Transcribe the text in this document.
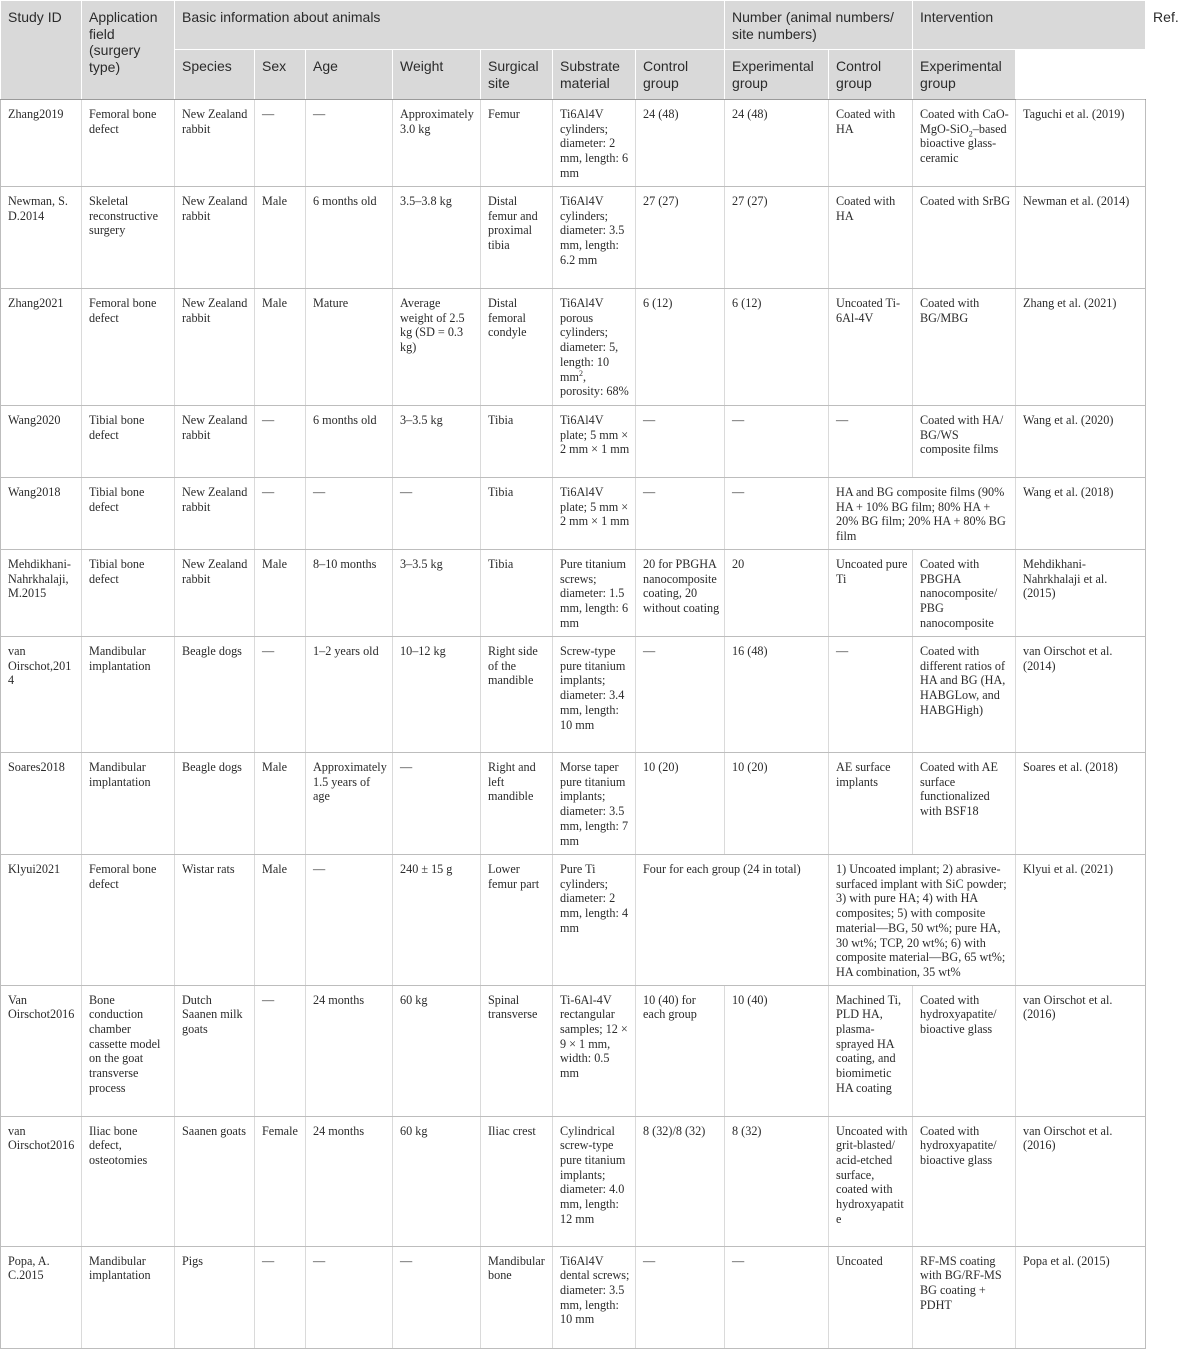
Study ID	Application field (surgery type)	Basic information about animals							Number (animal numbers/ site numbers)		Intervention		Ref.
		Species	Sex	Age	Weight	Surgical site	Substrate material	Control group	Experimental group	Control group	Experimental group		
Zhang2019	Femoral bone defect	New Zealand rabbit	—	—	Approximately 3.0 kg	Femur	Ti6Al4V cylinders; diameter: 2 mm, length: 6 mm	24 (48)	24 (48)	Coated with HA	Coated with CaO-MgO-SiO$_2$–based bioactive glass-ceramic	Taguchi et al. (2019)	
Newman, S. D.2014	Skeletal reconstructive surgery	New Zealand rabbit	Male	6 months old	3.5–3.8 kg	Distal femur and proximal tibia	Ti6Al4V cylinders; diameter: 3.5 mm, length: 6.2 mm	27 (27)	27 (27)	Coated with HA	Coated with SrBG	Newman et al. (2014)	
Zhang2021	Femoral bone defect	New Zealand rabbit	Male	Mature	Average weight of 2.5 kg (SD = 0.3 kg)	Distal femoral condyle	Ti6Al4V porous cylinders; diameter: 5, length: 10 $mm^2$, porosity: 68%	6 (12)	6 (12)	Uncoated Ti-6Al-4V	Coated with BG/MBG	Zhang et al. (2021)	
Wang2020	Tibial bone defect	New Zealand rabbit	—	6 months old	3–3.5 kg	Tibia	Ti6Al4V plate; 5 mm × 2 mm × 1 mm	—	—	—	Coated with HA/ BG/WS composite films	Wang et al. (2020)	
Wang2018	Tibial bone defect	New Zealand rabbit	—	—	—	Tibia	Ti6Al4V plate; 5 mm × 2 mm × 1 mm	—	—	HA and BG composite films (90% HA + 10% BG film; 80% HA + 20% BG film; 20% HA + 80% BG film		Wang et al. (2018)	
Mehdikhani-Nahrkhalaji, M.2015	Tibial bone defect	New Zealand rabbit	Male	8–10 months	3–3.5 kg	Tibia	Pure titanium screws; diameter: 1.5 mm, length: 6 mm	20 for PBGHA nanocomposite coating, 20 without coating	20	Uncoated pure Ti	Coated with PBGHA nanocomposite/ PBG nanocomposite	Mehdikhani-Nahrkhalaji et al. (2015)	
van Oirschot,2014	Mandibular implantation	Beagle dogs	—	1–2 years old	10–12 kg	Right side of the mandible	Screw-type pure titanium implants; diameter: 3.4 mm, length: 10 mm	—	16 (48)	—	Coated with different ratios of HA and BG (HA, HABGLow, and HABGHigh)	van Oirschot et al. (2014)	
Soares2018	Mandibular implantation	Beagle dogs	Male	Approximately 1.5 years of age	—	Right and left mandible	Morse taper pure titanium implants; diameter: 3.5 mm, length: 7 mm	10 (20)	10 (20)	AE surface implants	Coated with AE surface functionalized with BSF18	Soares et al. (2018)	
Klyui2021	Femoral bone defect	Wistar rats	Male	—	240 ± 15 g	Lower femur part	Pure Ti cylinders; diameter: 2 mm, length: 4 mm	Four for each group (24 in total)		1) Uncoated implant; 2) abrasive-surfaced implant with SiC powder; 3) with pure HA; 4) with HA composites; 5) with composite material—BG, 50 wt%; pure HA, 30 wt%; TCP, 20 wt%; 6) with composite material—BG, 65 wt%; HA combination, 35 wt%		Klyui et al. (2021)	
Van Oirschot2016	Bone conduction chamber cassette model on the goat transverse process	Dutch Saanen milk goats	—	24 months	60 kg	Spinal transverse	Ti-6Al-4V rectangular samples; 12 × 9 × 1 mm, width: 0.5 mm	10 (40) for each group	10 (40)	Machined Ti, PLD HA, plasma-sprayed HA coating, and biomimetic HA coating	Coated with hydroxyapatite/ bioactive glass	van Oirschot et al. (2016)	
van Oirschot2016	Iliac bone defect, osteotomies	Saanen goats	Female	24 months	60 kg	Iliac crest	Cylindrical screw-type pure titanium implants; diameter: 4.0 mm, length: 12 mm	8 (32)/8 (32)	8 (32)	Uncoated with grit-blasted/ acid-etched surface, coated with hydroxyapatite	Coated with hydroxyapatite/ bioactive glass	van Oirschot et al. (2016)	
Popa, A. C.2015	Mandibular implantation	Pigs	—	—	—	Mandibular bone	Ti6Al4V dental screws; diameter: 3.5 mm, length: 10 mm	—	—	Uncoated	RF-MS coating with BG/RF-MS BG coating + PDHT	Popa et al. (2015)	
